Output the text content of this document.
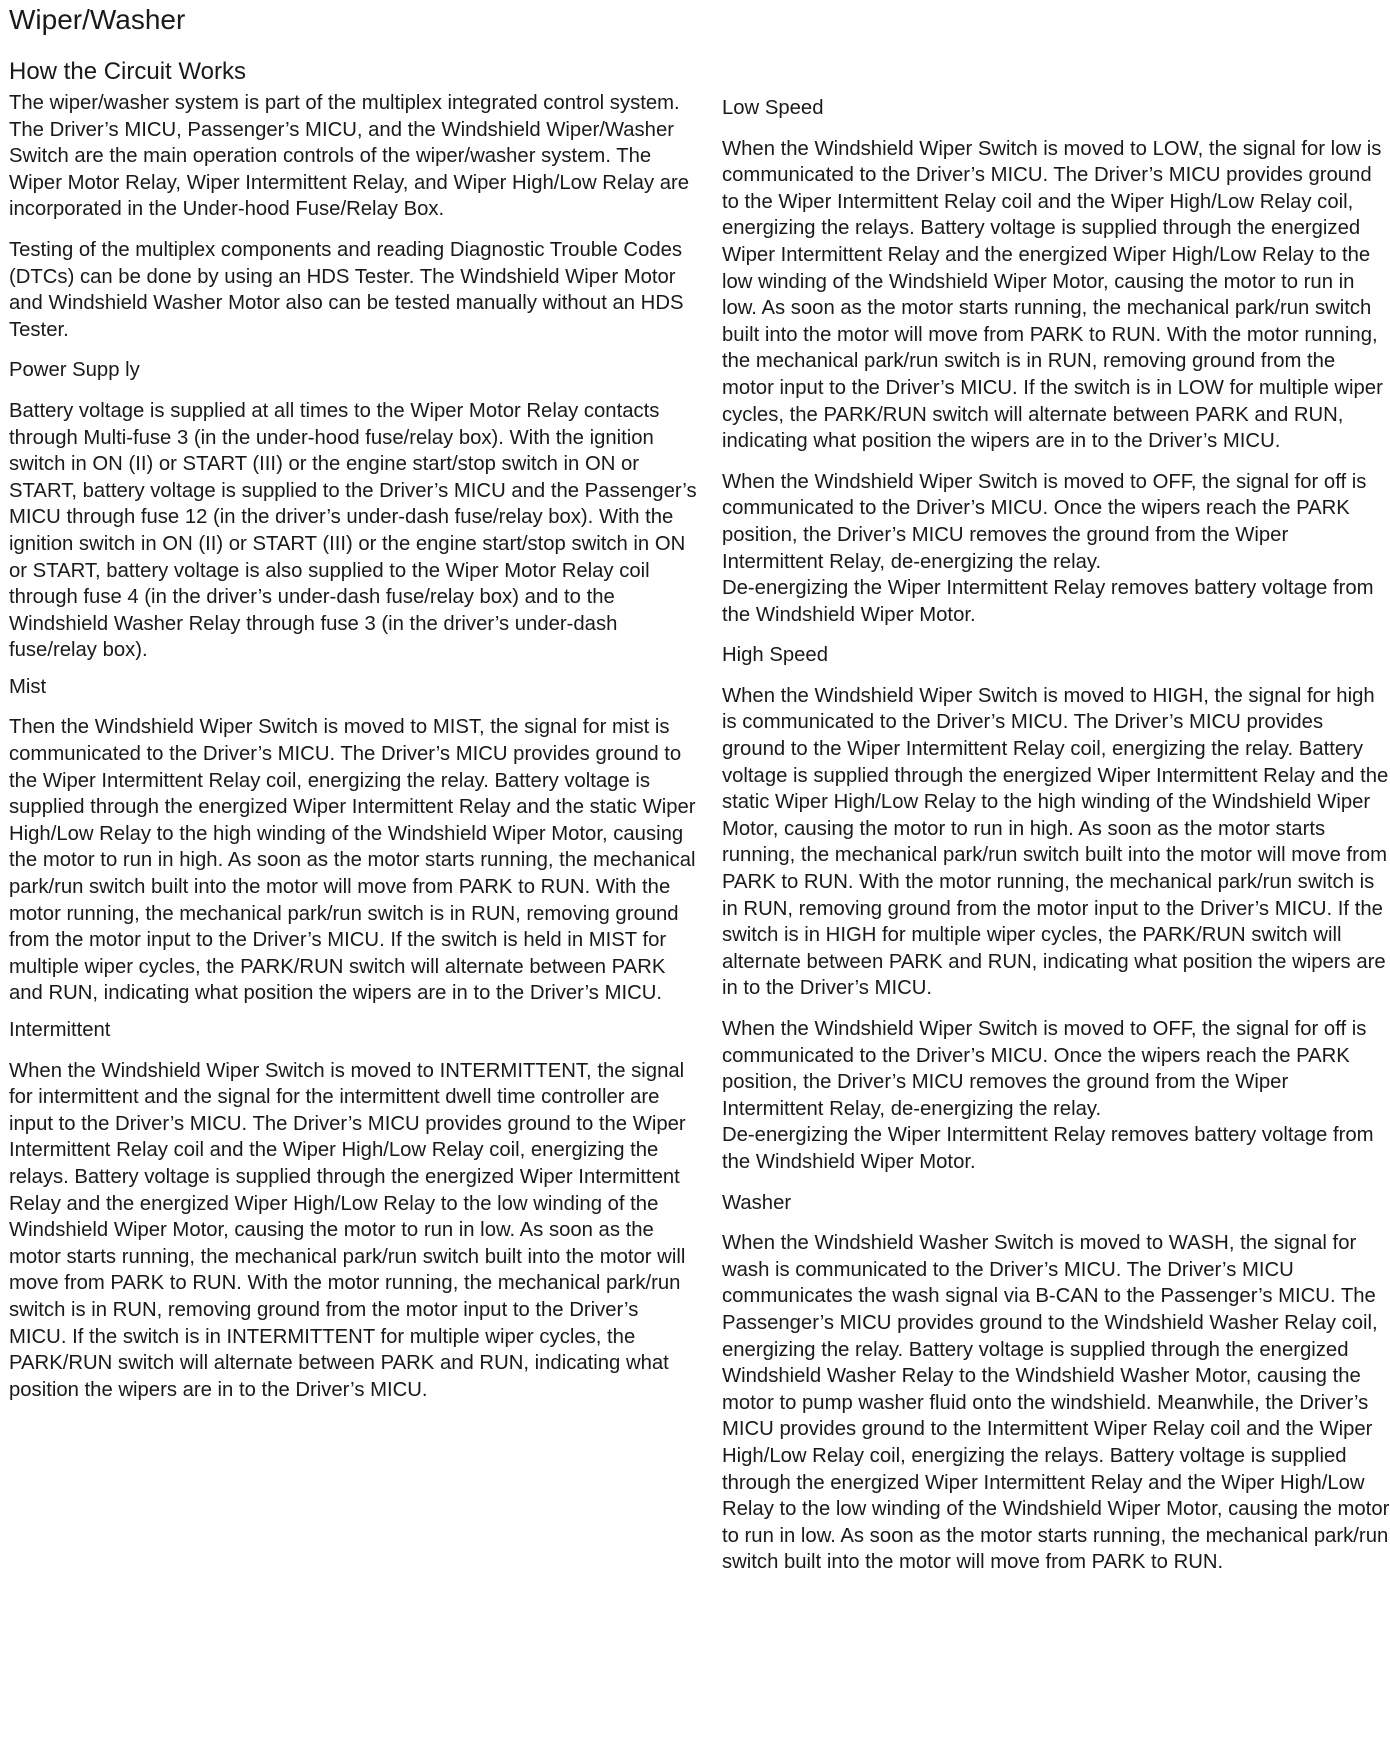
Wiper/Washer
How the Circuit Works

The wiper/washer system is part of the multiplex integrated control system. The Driver’s MICU, Passenger’s MICU, and the Windshield Wiper/Washer Switch are the main operation controls of the wiper/washer system. The Wiper Motor Relay, Wiper Intermittent Relay, and Wiper High/Low Relay are incorporated in the Under-hood Fuse/Relay Box.

Testing of the multiplex components and reading Diagnostic Trouble Codes (DTCs) can be done by using an HDS Tester. The Windshield Wiper Motor and Windshield Washer Motor also can be tested manually without an HDS Tester.

Power Supp ly

Battery voltage is supplied at all times to the Wiper Motor Relay contacts through Multi-fuse 3 (in the under-hood fuse/relay box). With the ignition switch in ON (II) or START (III) or the engine start/stop switch in ON or START, battery voltage is supplied to the Driver’s MICU and the Passenger’s MICU through fuse 12 (in the driver’s under-dash fuse/relay box). With the ignition switch in ON (II) or START (III) or the engine start/stop switch in ON or START, battery voltage is also supplied to the Wiper Motor Relay coil through fuse 4 (in the driver’s under-dash fuse/relay box) and to the Windshield Washer Relay through fuse 3 (in the driver’s under-dash fuse/relay box).

Mist

Then the Windshield Wiper Switch is moved to MIST, the signal for mist is communicated to the Driver’s MICU. The Driver’s MICU provides ground to the Wiper Intermittent Relay coil, energizing the relay. Battery voltage is supplied through the energized Wiper Intermittent Relay and the static Wiper High/Low Relay to the high winding of the Windshield Wiper Motor, causing the motor to run in high. As soon as the motor starts running, the mechanical park/run switch built into the motor will move from PARK to RUN. With the motor running, the mechanical park/run switch is in RUN, removing ground from the motor input to the Driver’s MICU. If the switch is held in MIST for multiple wiper cycles, the PARK/RUN switch will alternate between PARK and RUN, indicating what position the wipers are in to the Driver’s MICU.

Intermittent

When the Windshield Wiper Switch is moved to INTERMITTENT, the signal for intermittent and the signal for the intermittent dwell time controller are input to the Driver’s MICU. The Driver’s MICU provides ground to the Wiper Intermittent Relay coil and the Wiper High/Low Relay coil, energizing the relays. Battery voltage is supplied through the energized Wiper Intermittent Relay and the energized Wiper High/Low Relay to the low winding of the Windshield Wiper Motor, causing the motor to run in low. As soon as the motor starts running, the mechanical park/run switch built into the motor will move from PARK to RUN. With the motor running, the mechanical park/run switch is in RUN, removing ground from the motor input to the Driver’s MICU. If the switch is in INTERMITTENT for multiple wiper cycles, the PARK/RUN switch will alternate between PARK and RUN, indicating what position the wipers are in to the Driver’s MICU.

Low Speed

When the Windshield Wiper Switch is moved to LOW, the signal for low is communicated to the Driver’s MICU. The Driver’s MICU provides ground to the Wiper Intermittent Relay coil and the Wiper High/Low Relay coil, energizing the relays. Battery voltage is supplied through the energized Wiper Intermittent Relay and the energized Wiper High/Low Relay to the low winding of the Windshield Wiper Motor, causing the motor to run in low. As soon as the motor starts running, the mechanical park/run switch built into the motor will move from PARK to RUN. With the motor running, the mechanical park/run switch is in RUN, removing ground from the motor input to the Driver’s MICU. If the switch is in LOW for multiple wiper cycles, the PARK/RUN switch will alternate between PARK and RUN, indicating what position the wipers are in to the Driver’s MICU.

When the Windshield Wiper Switch is moved to OFF, the signal for off is communicated to the Driver’s MICU. Once the wipers reach the PARK position, the Driver’s MICU removes the ground from the Wiper Intermittent Relay, de-energizing the relay.

De-energizing the Wiper Intermittent Relay removes battery voltage from the Windshield Wiper Motor.

High Speed

When the Windshield Wiper Switch is moved to HIGH, the signal for high is communicated to the Driver’s MICU. The Driver’s MICU provides ground to the Wiper Intermittent Relay coil, energizing the relay. Battery voltage is supplied through the energized Wiper Intermittent Relay and the static Wiper High/Low Relay to the high winding of the Windshield Wiper Motor, causing the motor to run in high. As soon as the motor starts running, the mechanical park/run switch built into the motor will move from PARK to RUN. With the motor running, the mechanical park/run switch is in RUN, removing ground from the motor input to the Driver’s MICU. If the switch is in HIGH for multiple wiper cycles, the PARK/RUN switch will alternate between PARK and RUN, indicating what position the wipers are in to the Driver’s MICU.

When the Windshield Wiper Switch is moved to OFF, the signal for off is communicated to the Driver’s MICU. Once the wipers reach the PARK position, the Driver’s MICU removes the ground from the Wiper Intermittent Relay, de-energizing the relay.

De-energizing the Wiper Intermittent Relay removes battery voltage from the Windshield Wiper Motor.

Washer

When the Windshield Washer Switch is moved to WASH, the signal for wash is communicated to the Driver’s MICU. The Driver’s MICU communicates the wash signal via B-CAN to the Passenger’s MICU. The Passenger’s MICU provides ground to the Windshield Washer Relay coil, energizing the relay. Battery voltage is supplied through the energized Windshield Washer Relay to the Windshield Washer Motor, causing the motor to pump washer fluid onto the windshield. Meanwhile, the Driver’s MICU provides ground to the Intermittent Wiper Relay coil and the Wiper High/Low Relay coil, energizing the relays. Battery voltage is supplied through the energized Wiper Intermittent Relay and the Wiper High/Low Relay to the low winding of the Windshield Wiper Motor, causing the motor to run in low. As soon as the motor starts running, the mechanical park/run switch built into the motor will move from PARK to RUN.
